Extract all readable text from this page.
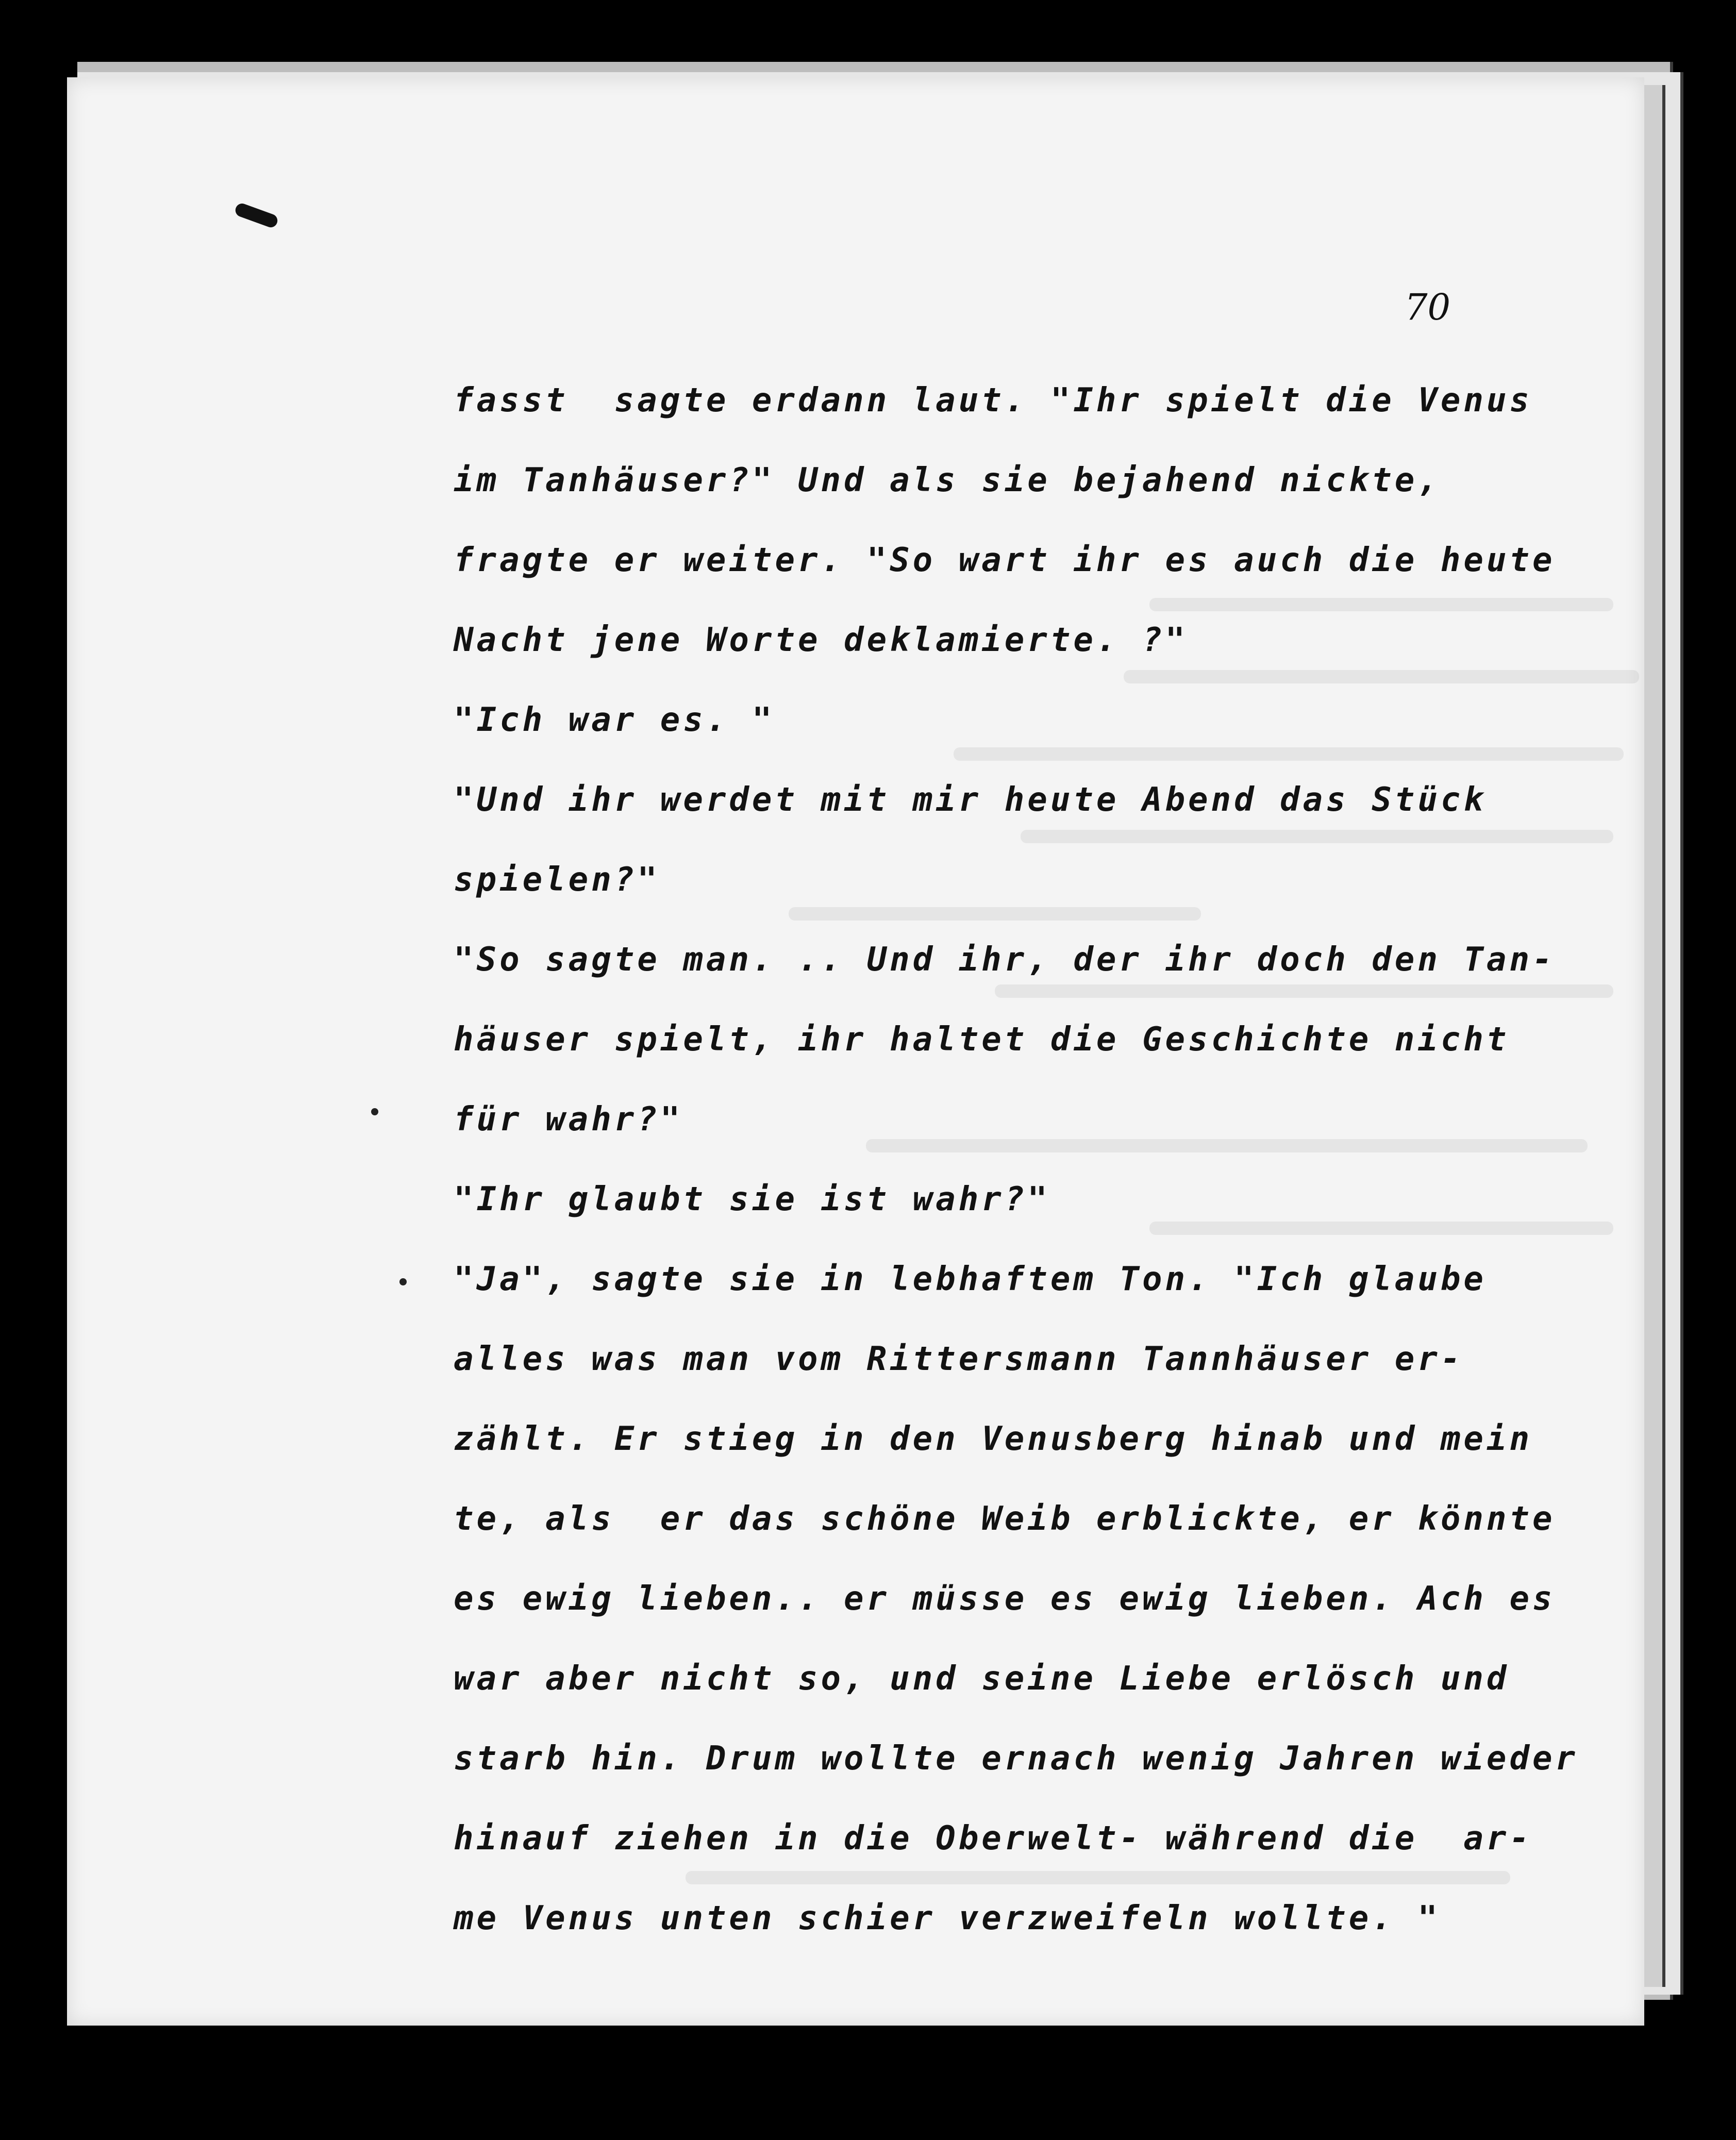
70
fasst  sagte erdann laut. "Ihr spielt die Venus
im Tanhäuser?" Und als sie bejahend nickte,
fragte er weiter. "So wart ihr es auch die heute
Nacht jene Worte deklamierte. ?"
"Ich war es. "
"Und ihr werdet mit mir heute Abend das Stück
spielen?"
"So sagte man. .. Und ihr, der ihr doch den Tan-
häuser spielt, ihr haltet die Geschichte nicht
für wahr?"
"Ihr glaubt sie ist wahr?"
"Ja", sagte sie in lebhaftem Ton. "Ich glaube
alles was man vom Rittersmann Tannhäuser er-
zählt. Er stieg in den Venusberg hinab und mein
te, als  er das schöne Weib erblickte, er könnte
es ewig lieben.. er müsse es ewig lieben. Ach es
war aber nicht so, und seine Liebe erlösch und
starb hin. Drum wollte ernach wenig Jahren wieder
hinauf ziehen in die Oberwelt- während die  ar-
me Venus unten schier verzweifeln wollte. "
